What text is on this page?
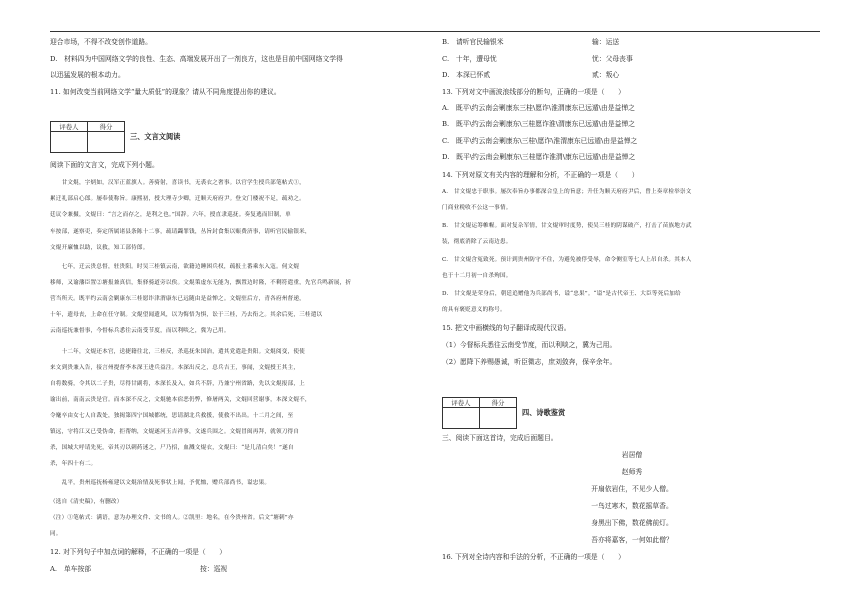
迎合市场，不得不改变创作道路。
D.　材料四为中国网络文学的良性、生态、高端发展开出了一剂良方，这也是目前中国网络文学得
以迅猛发展的根本动力。
11. 如何改变当前网络文学“量大质低”的现象？请从不同角度提出你的建议。
评卷人	得分

三、文言文阅读
阅读下面的文言文，完成下列小题。
　　甘文焜，字炳如，汉军正蓝旗人。善骑射，喜读书，无裘衣之奢事。以官学生授兵部笔帖式①，
累迁礼部启心郎。屡奉使称旨。康熙初，授大理寺少卿，迁顺天府府尹。登文门楼祝不足，疏劝之。
廷议令兼摄，文焜曰：“言之而存之，是利之也。”国辞。六年，授直隶巡抚。奏复逃而旧制，单
车按部，遂察吏，奏定所属诸县条陈十二事，疏请蠲罪钱，丛旨封食集以赈费济事，请听官民输银米，
文焜开廉恤以助，议救，知工部侍郎。
　　七年，迁云贵总督，驻贵阳。时吴三桂镇云南，欲籍边睡困兵权，疏报土番乘东入寇。伺文焜
移师，又谕藩臣置②塘报兼真信，集驿骑道旁以俟。文焜策虚东无能为，飘置边时隆，不剩符遣重，先官兵鸣新展，折
营当所天。既平约云南会剿康东三桂愿诈津渭康东已远随由是益惮之。文焜驻后方，青各府州督递，
十年，遗母丧，上命在任守制。文焜望闻遗风，以为悔悟为惧，讼于三桂，乃去衔之。其余后死，三桂遣以
云南巡抚兼督事，今督标兵悉往云南受节度，而以利啖之，冀为己用。
　　十二年，文焜还本官，送捷籍往北，三桂反，杀巡抚朱国治，遣其党遣赴贵阳。文焜阅变，使使
来文到贵兼入告，接言州提督李本深王进兵益注。本深出反之，总兵吉王，事闻，文焜授王其主，
自将数骑，令其以二子贵，尽得甘副将，本深长及入，如兵不辞，乃兼宁州省路，先以文焜报部，上
谕出前，南南云贵是官。而本深不反之，文焜驰本宿恶仍弊，修屠两关，文焜回营谢事，本深文焜不，
令麾卒由女七人自裁处，独揭第四宁国城都统，思请湖北兵救援，使救不出出。十二月之间，至
镇远，守将江又已受伪命，拒帮纳，文焜遂河玉吉祥事，文遂兵围之。文焜冒闽再拜，就领刀得自
杀，国城大呼请先死，帝其刃以刺药迷之，尸乃招，血溅文焜衣，文焜曰：“是儿清白矣！”遂自
杀，年四十有二。
　　乱平，贵州巡抚杨雍建以文焜治情及死事状上闻，予优恤，赠兵部尚书，谥忠果。
（选自《清史稿》，有删改）
（注）①笔帖式：满语，意为办理文件、文书的人。②凯里：地名，在今贵州省。后文“塘刺”亦
同。
12. 对下列句子中加点词的解释，不正确的一项是（　　）
A.　单车按部	按：巡视
B.　请听官民输银米	输：运送
C.　十年，遭母忧	忧：父母丧事
D.　本深已怀贰	贰：叛心
13. 下列对文中画波浪线部分的断句，正确的一项是（　　）
A.　既平\约云南会剿康东三桂\愿诈\淮渭康东已远遁\由是益惮之
B.　既平\约云南会剿康东\三桂愿诈淮\渭康东已远遁\由是益惮之
C.　既平\约云南会剿康东\三桂\愿诈\淮渭康东已远遁\由是益惮之
D.　既平\约云南会剿康东\三桂愿诈淮渭\康东已远遁\由是益惮之
14. 下列对原文有关内容的理解和分析，不正确的一项是（　　）
A.　甘文焜忠于职事。屡次奉旨办事都深合皇上的旨意；升任为顺天府府尹后，曾上奏章检举崇文
门商业税收不公这一事情。
B.　甘文焜运筹帷幄。面对复杂军情，甘文焜审时度势，使吴三桂的阴谋破产，打击了苗族地方武
装，彻底消除了云南边患。
C.　甘文焜含冤致死。预计到贵州防守不住，为避免被俘受辱，命令侧室等七人上吊自杀。其本人
也于十二月初一自杀殉国。
D.　甘文焜是荣身后，朝廷追赠他为兵部尚书，谥“忠果”。“谥”是古代帝王、大臣等死后加给
的具有褒贬意义的称号。
15. 把文中画横线的句子翻译成现代汉语。
（1）今督标兵悉往云南受节度，而以利啖之，冀为己用。
（2）愿降下养赐愚诚，听臣微志，庶刘敛奔，保辛余年。
评卷人	得分

四、诗歌鉴赏
三、阅读下面这首诗，完成后面题目。
岩居僧
赵师秀
开扇依岩住，不见少人僧。
一鸟过寒木，数花摇草香。
身黑出下佛，数花佛前灯。
吾亦将嘉客，一何如此僧？
16. 下列对全诗内容和手法的分析，不正确的一项是（　　）
